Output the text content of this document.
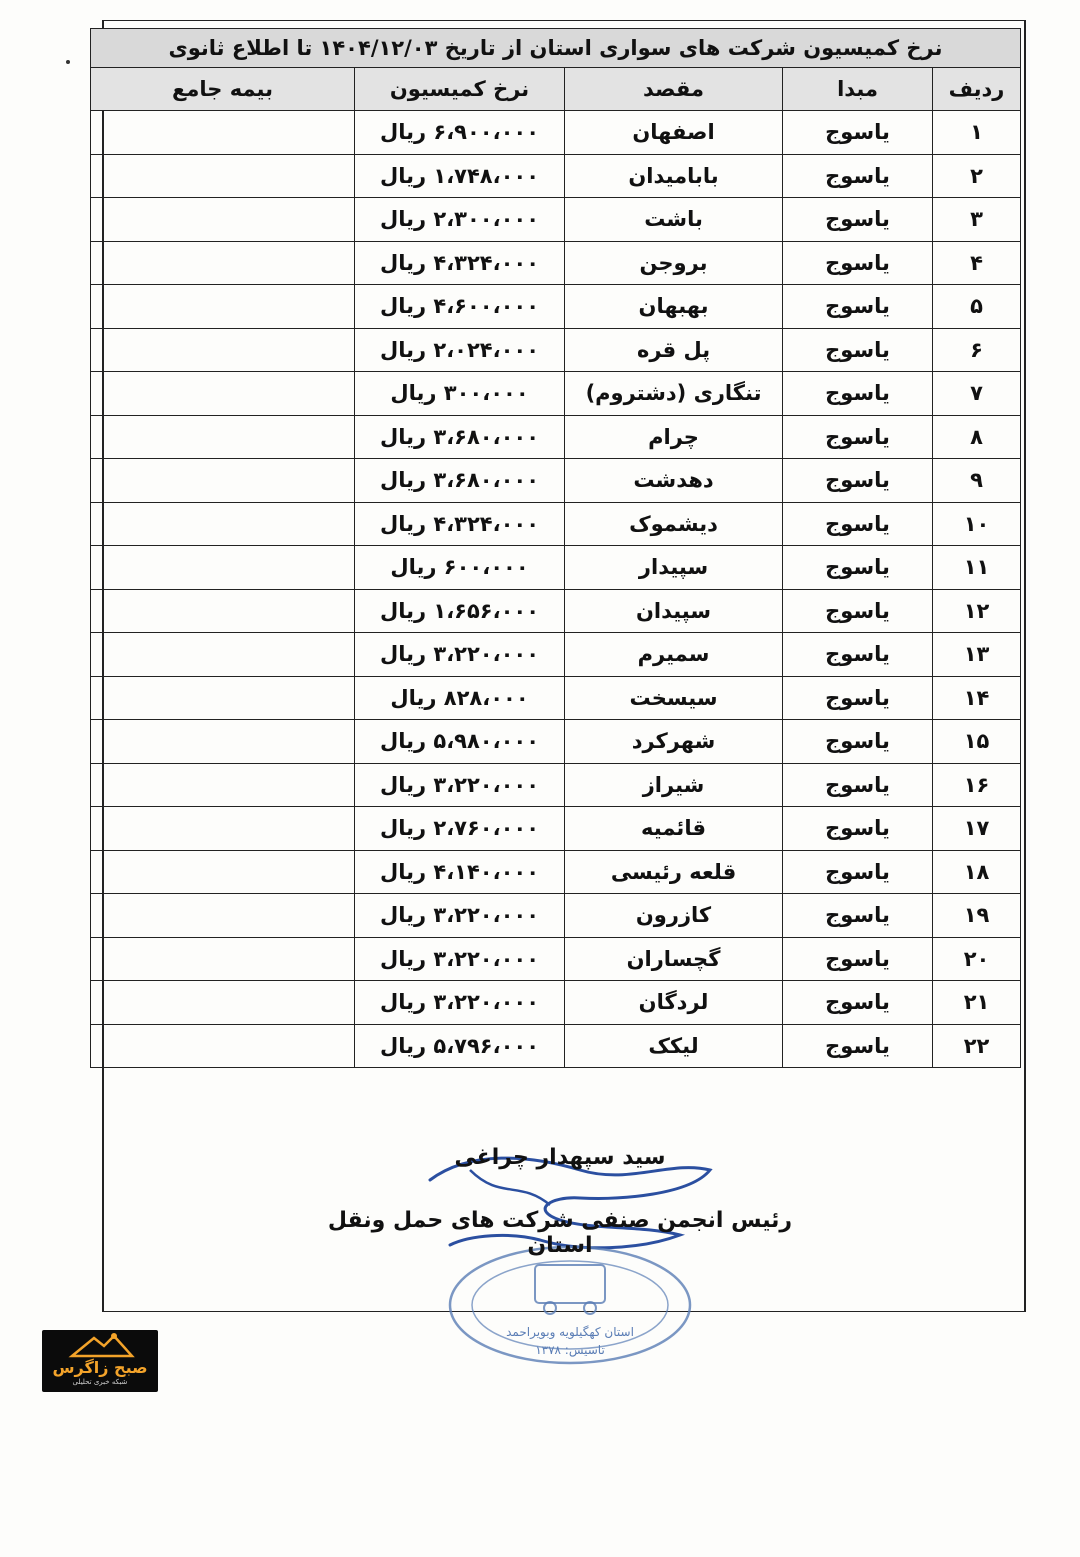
نرخ کمیسیون شرکت های سواری استان از تاریخ ۱۴۰۴/۱۲/۰۳ تا اطلاع ثانوی				
ردیف	مبدا	مقصد	نرخ کمیسیون	بیمه جامع
۱	یاسوج	اصفهان	۶،۹۰۰،۰۰۰ ریال	
۲	یاسوج	بابامیدان	۱،۷۴۸،۰۰۰ ریال	
۳	یاسوج	باشت	۲،۳۰۰،۰۰۰ ریال	
۴	یاسوج	بروجن	۴،۳۲۴،۰۰۰ ریال	
۵	یاسوج	بهبهان	۴،۶۰۰،۰۰۰ ریال	
۶	یاسوج	پل قره	۲،۰۲۴،۰۰۰ ریال	
۷	یاسوج	تنگاری (دشتروم)	۳۰۰،۰۰۰ ریال	
۸	یاسوج	چرام	۳،۶۸۰،۰۰۰ ریال	
۹	یاسوج	دهدشت	۳،۶۸۰،۰۰۰ ریال	
۱۰	یاسوج	دیشموک	۴،۳۲۴،۰۰۰ ریال	
۱۱	یاسوج	سپیدار	۶۰۰،۰۰۰ ریال	
۱۲	یاسوج	سپیدان	۱،۶۵۶،۰۰۰ ریال	
۱۳	یاسوج	سمیرم	۳،۲۲۰،۰۰۰ ریال	
۱۴	یاسوج	سیسخت	۸۲۸،۰۰۰ ریال	
۱۵	یاسوج	شهرکرد	۵،۹۸۰،۰۰۰ ریال	
۱۶	یاسوج	شیراز	۳،۲۲۰،۰۰۰ ریال	
۱۷	یاسوج	قائمیه	۲،۷۶۰،۰۰۰ ریال	
۱۸	یاسوج	قلعه رئیسی	۴،۱۴۰،۰۰۰ ریال	
۱۹	یاسوج	کازرون	۳،۲۲۰،۰۰۰ ریال	
۲۰	یاسوج	گچساران	۳،۲۲۰،۰۰۰ ریال	
۲۱	یاسوج	لردگان	۳،۲۲۰،۰۰۰ ریال	
۲۲	یاسوج	لیکک	۵،۷۹۶،۰۰۰ ریال	
استان کهگیلویه وبویراحمد
تاسیس: ۱۳۷۸
سید سپهدار چراغی
رئیس انجمن صنفی شرکت های حمل ونقل استان
صبح زاگرس
شبکه خبری تحلیلی
